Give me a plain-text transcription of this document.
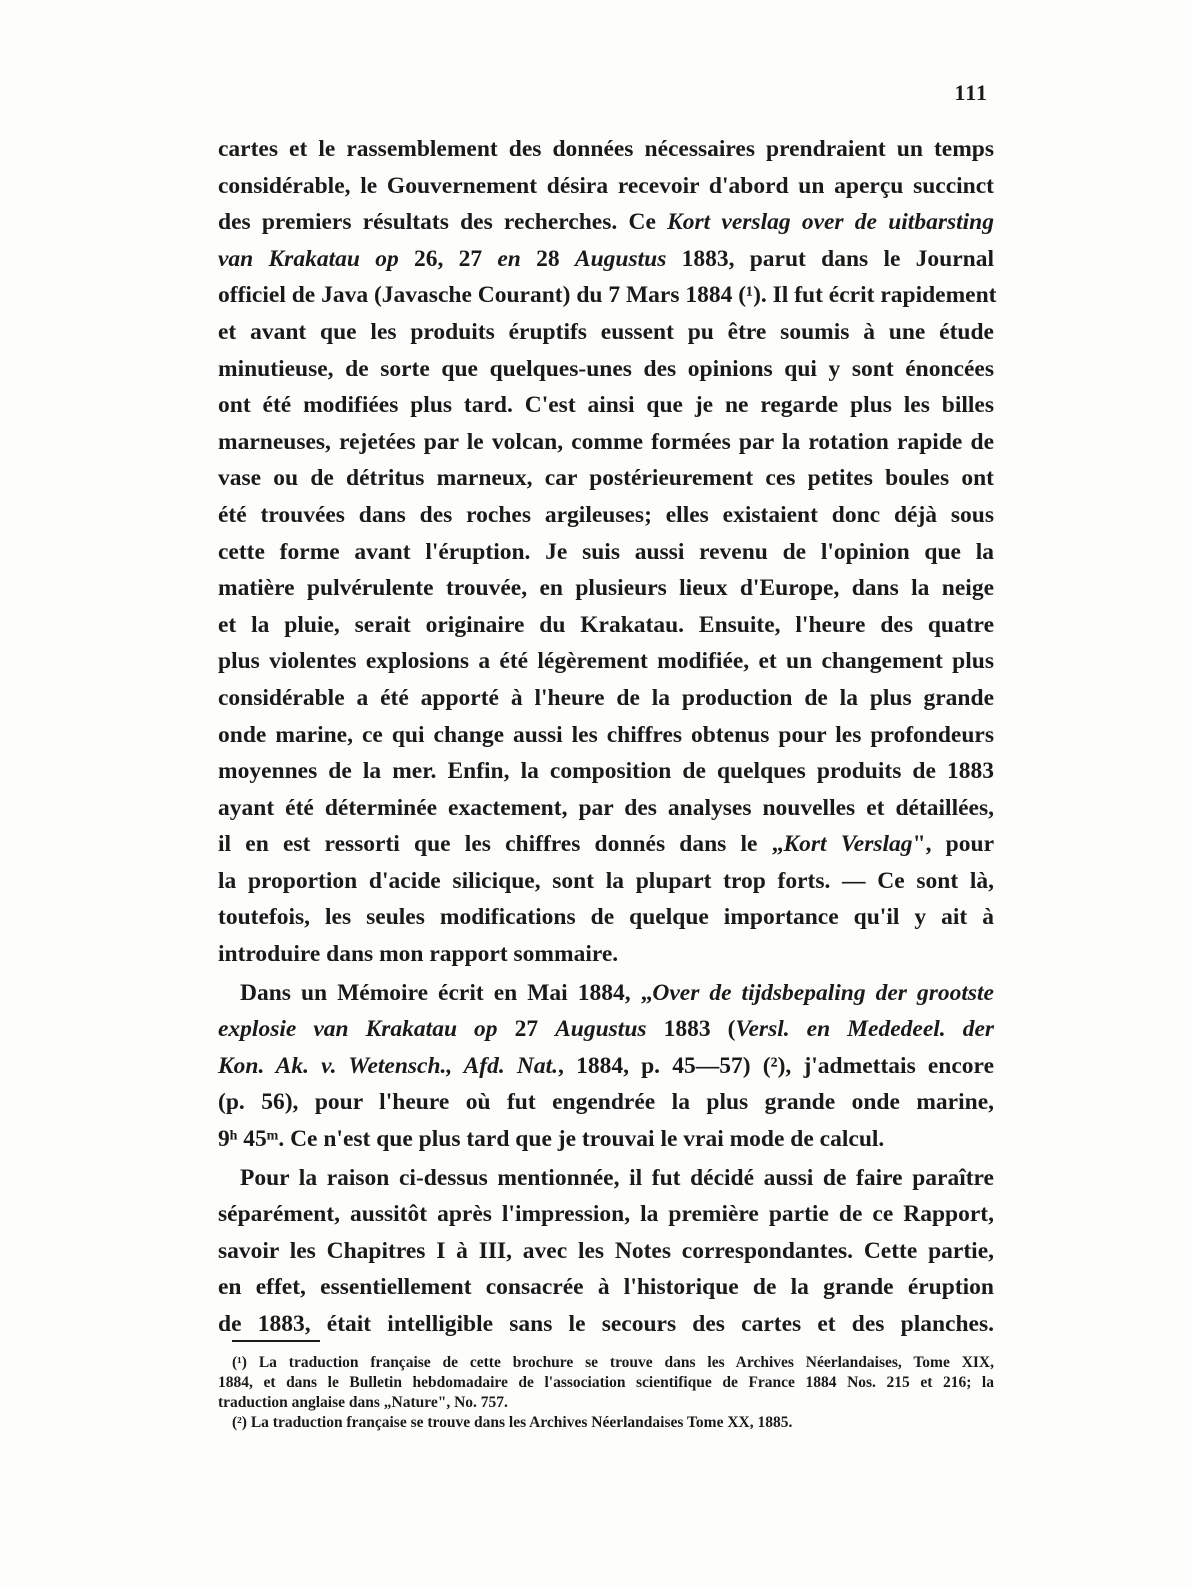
111
cartes et le rassemblement des données nécessaires prendraient un temps
considérable, le Gouvernement désira recevoir d'abord un aperçu succinct
des premiers résultats des recherches. Ce Kort verslag over de uitbarsting
van Krakatau op 26, 27 en 28 Augustus 1883, parut dans le Journal
officiel de Java (Javasche Courant) du 7 Mars 1884 (¹). Il fut écrit rapidement
et avant que les produits éruptifs eussent pu être soumis à une étude
minutieuse, de sorte que quelques-unes des opinions qui y sont énoncées
ont été modifiées plus tard. C'est ainsi que je ne regarde plus les billes
marneuses, rejetées par le volcan, comme formées par la rotation rapide de
vase ou de détritus marneux, car postérieurement ces petites boules ont
été trouvées dans des roches argileuses; elles existaient donc déjà sous
cette forme avant l'éruption. Je suis aussi revenu de l'opinion que la
matière pulvérulente trouvée, en plusieurs lieux d'Europe, dans la neige
et la pluie, serait originaire du Krakatau. Ensuite, l'heure des quatre
plus violentes explosions a été légèrement modifiée, et un changement plus
considérable a été apporté à l'heure de la production de la plus grande
onde marine, ce qui change aussi les chiffres obtenus pour les profondeurs
moyennes de la mer. Enfin, la composition de quelques produits de 1883
ayant été déterminée exactement, par des analyses nouvelles et détaillées,
il en est ressorti que les chiffres donnés dans le „Kort Verslag", pour
la proportion d'acide silicique, sont la plupart trop forts. — Ce sont là,
toutefois, les seules modifications de quelque importance qu'il y ait à
introduire dans mon rapport sommaire.
Dans un Mémoire écrit en Mai 1884, „Over de tijdsbepaling der grootste
explosie van Krakatau op 27 Augustus 1883 (Versl. en Mededeel. der
Kon. Ak. v. Wetensch., Afd. Nat., 1884, p. 45—57) (²), j'admettais encore
(p. 56), pour l'heure où fut engendrée la plus grande onde marine,
9ʰ 45ᵐ. Ce n'est que plus tard que je trouvai le vrai mode de calcul.
Pour la raison ci-dessus mentionnée, il fut décidé aussi de faire paraître
séparément, aussitôt après l'impression, la première partie de ce Rapport,
savoir les Chapitres I à III, avec les Notes correspondantes. Cette partie,
en effet, essentiellement consacrée à l'historique de la grande éruption
de 1883, était intelligible sans le secours des cartes et des planches.
(¹) La traduction française de cette brochure se trouve dans les Archives Néerlandaises, Tome XIX,
1884, et dans le Bulletin hebdomadaire de l'association scientifique de France 1884 Nos. 215 et 216; la
traduction anglaise dans „Nature", No. 757.
(²) La traduction française se trouve dans les Archives Néerlandaises Tome XX, 1885.
